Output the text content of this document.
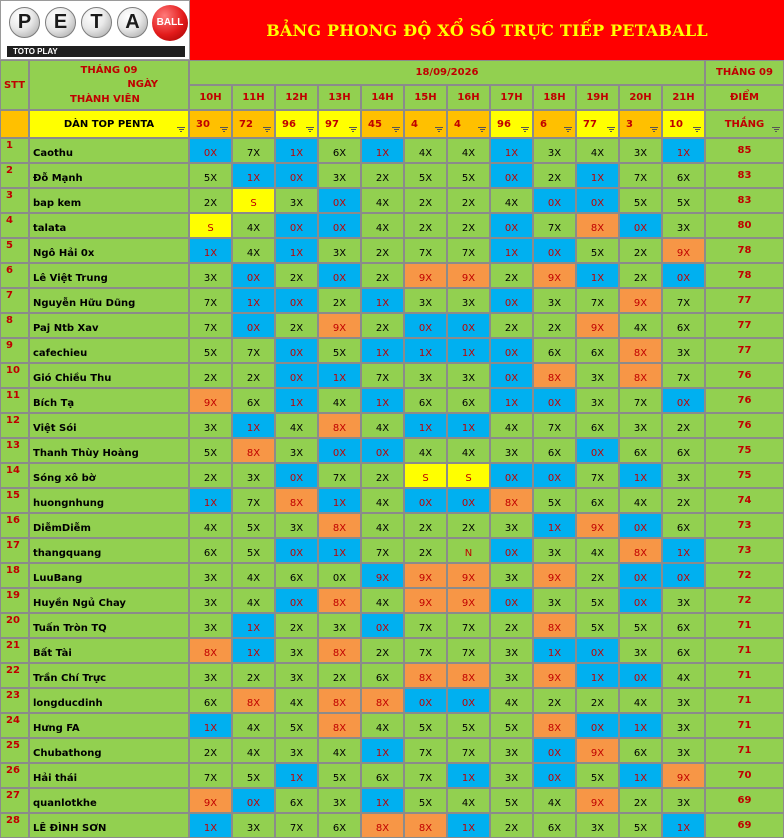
P	E	T	A	BALL
TOTO PLAY
BẢNG PHONG ĐỘ XỔ SỐ TRỰC TIẾP PETABALL
STT
THÁNG 09
NGÀY
THÀNH VIÊN
18/09/2026	THÁNG 09
ĐIỂM
10H	11H	12H	13H	14H	15H	16H	17H	18H	19H	20H	21H
DÀN TOP PENTA	30	72	96	97	45	4	4	96	6	77	3	10	THẮNG
1
Caothu	0X	7X	1X	6X	1X	4X	4X	1X	3X	4X	3X	1X	85
2
Đỗ Mạnh	5X	1X	0X	3X	2X	5X	5X	0X	2X	1X	7X	6X	83
3
bap kem	2X	S	3X	0X	4X	2X	2X	4X	0X	0X	5X	5X	83
4
talata	S	4X	0X	0X	4X	2X	2X	0X	7X	8X	0X	3X	80
5
Ngô Hải 0x	1X	4X	1X	3X	2X	7X	7X	1X	0X	5X	2X	9X	78
6
Lê Việt Trung	3X	0X	2X	0X	2X	9X	9X	2X	9X	1X	2X	0X	78
7
Nguyễn Hữu Dũng	7X	1X	0X	2X	1X	3X	3X	0X	3X	7X	9X	7X	77
8
Paj Ntb Xav	7X	0X	2X	9X	2X	0X	0X	2X	2X	9X	4X	6X	77
9
cafechieu	5X	7X	0X	5X	1X	1X	1X	0X	6X	6X	8X	3X	77
10
Gió Chiều Thu	2X	2X	0X	1X	7X	3X	3X	0X	8X	3X	8X	7X	76
11
Bích Tạ	9X	6X	1X	4X	1X	6X	6X	1X	0X	3X	7X	0X	76
12
Việt Sói	3X	1X	4X	8X	4X	1X	1X	4X	7X	6X	3X	2X	76
13
Thanh Thùy Hoàng	5X	8X	3X	0X	0X	4X	4X	3X	6X	0X	6X	6X	75
14
Sóng xô bờ	2X	3X	0X	7X	2X	S	S	0X	0X	7X	1X	3X	75
15
huongnhung	1X	7X	8X	1X	4X	0X	0X	8X	5X	6X	4X	2X	74
16
DiễmDiễm	4X	5X	3X	8X	4X	2X	2X	3X	1X	9X	0X	6X	73
17
thangquang	6X	5X	0X	1X	7X	2X	N	0X	3X	4X	8X	1X	73
18
LuuBang	3X	4X	6X	0X	9X	9X	9X	3X	9X	2X	0X	0X	72
19
Huyền Ngủ Chay	3X	4X	0X	8X	4X	9X	9X	0X	3X	5X	0X	3X	72
20
Tuấn Tròn TQ	3X	1X	2X	3X	0X	7X	7X	2X	8X	5X	5X	6X	71
21
Bất Tài	8X	1X	3X	8X	2X	7X	7X	3X	1X	0X	3X	6X	71
22
Trần Chí Trực	3X	2X	3X	2X	6X	8X	8X	3X	9X	1X	0X	4X	71
23
longducdinh	6X	8X	4X	8X	8X	0X	0X	4X	2X	2X	4X	3X	71
24
Hưng FA	1X	4X	5X	8X	4X	5X	5X	5X	8X	0X	1X	3X	71
25
Chubathong	2X	4X	3X	4X	1X	7X	7X	3X	0X	9X	6X	3X	71
26
Hải thái	7X	5X	1X	5X	6X	7X	1X	3X	0X	5X	1X	9X	70
27
quanlotkhe	9X	0X	6X	3X	1X	5X	4X	5X	4X	9X	2X	3X	69
28
LÊ ĐÌNH SƠN	1X	3X	7X	6X	8X	8X	1X	2X	6X	3X	5X	1X	69
